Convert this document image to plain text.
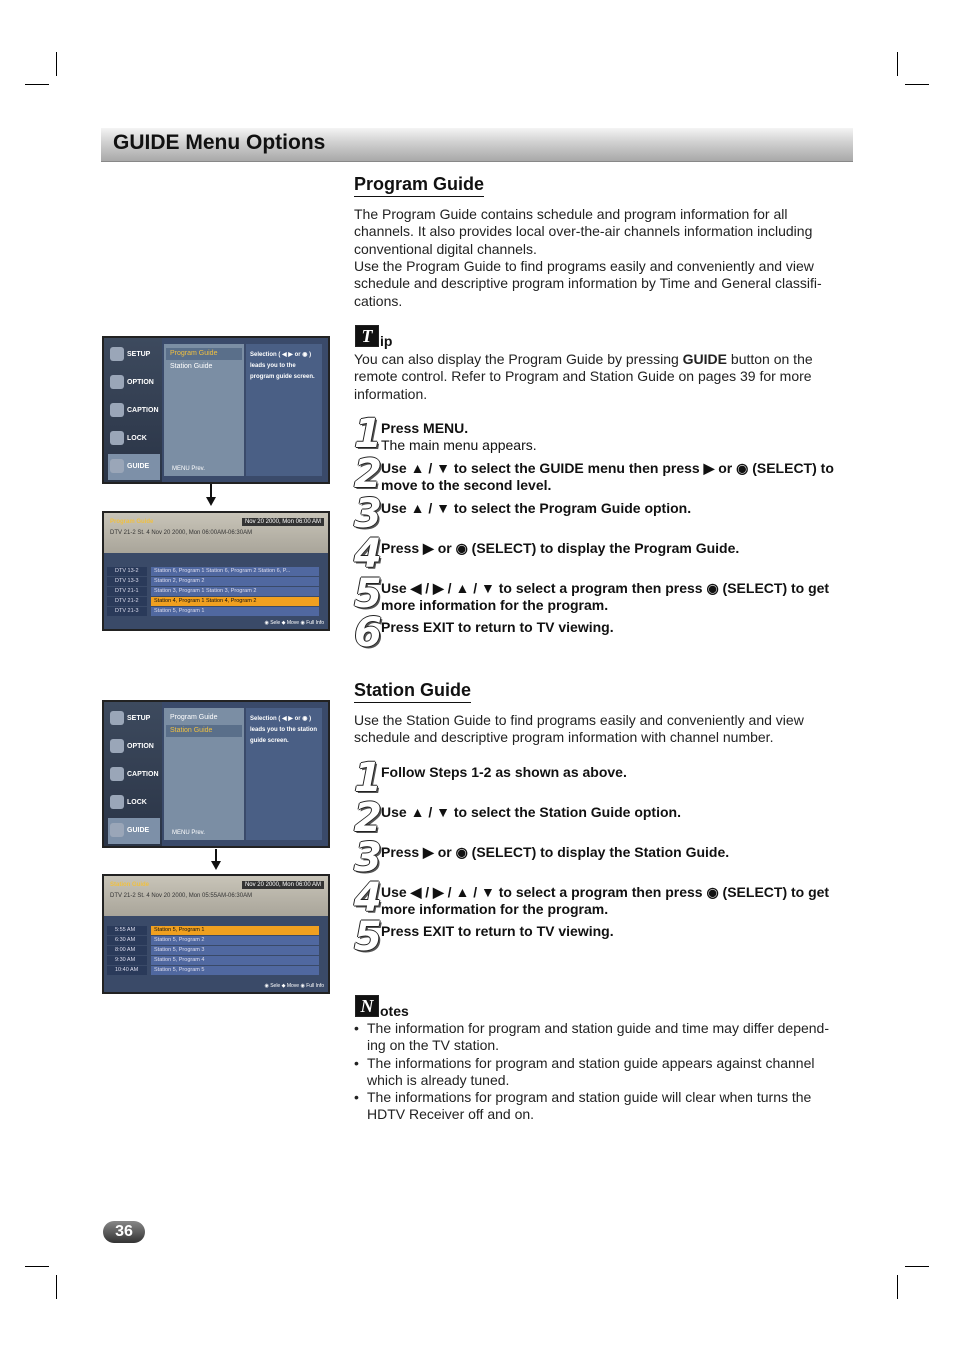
GUIDE Menu Options
Program Guide

The Program Guide contains schedule and program information for all channels. It also provides local over-the-air channels information including conventional digital channels.

Use the Program Guide to find programs easily and conveniently and view schedule and descriptive program information by Time and General classifi- cations.

T ip

You can also display the Program Guide by pressing GUIDE button on the remote control. Refer to Program and Station Guide on pages 39 for more information.

1 Press MENU.
The main menu appears.
2 Use ▲ / ▼ to select the GUIDE menu then press ▶ or ◉ (SELECT) to move to the second level.
3 Use ▲ / ▼ to select the Program Guide option.
4 Press ▶ or ◉ (SELECT) to display the Program Guide.
5 Use ◀ / ▶ / ▲ / ▼ to select a program then press ◉ (SELECT) to get more information for the program.
6 Press EXIT to return to TV viewing.
Station Guide

Use the Station Guide to find programs easily and conveniently and view schedule and descriptive program information with channel number.

1 Follow Steps 1-2 as shown as above.
2 Use ▲ / ▼ to select the Station Guide option.
3 Press ▶ or ◉ (SELECT) to display the Station Guide.
4 Use ◀ / ▶ / ▲ / ▼ to select a program then press ◉ (SELECT) to get more information for the program.
5 Press EXIT to return to TV viewing.
N otes
• The information for program and station guide and time may differ depend- ing on the TV station.
• The informations for program and station guide appears against channel which is already tuned.
• The informations for program and station guide will clear when turns the HDTV Receiver off and on.
SETUP
OPTION
CAPTION
LOCK
GUIDE
Program Guide
Station Guide
MENU Prev.
Selection ( ◀ ▶ or ◉ ) leads you to the program guide screen.
Program Guide
DTV 21-2 St. 4 Nov 20 2000, Mon 06:00AM-06:30AM
Nov 20 2000, Mon 06:00 AM
DTV 13-2	Station 6, Program 1 Station 6, Program 2 Station 6, P...
DTV 13-3	Station 2, Program 2
DTV 21-1	Station 3, Program 1 Station 3, Program 2
DTV 21-2	Station 4, Program 1 Station 4, Program 2
DTV 21-3	Station 5, Program 1
◉ Sele ◆ Move ◉ Full Info
SETUP
OPTION
CAPTION
LOCK
GUIDE
Program Guide
Station Guide
MENU Prev.
Selection ( ◀ ▶ or ◉ ) leads you to the station guide screen.
Station Guide
DTV 21-2 St. 4 Nov 20 2000, Mon 05:55AM-06:30AM
Nov 20 2000, Mon 06:00 AM
5:55 AM	Station 5, Program 1
6:30 AM	Station 5, Program 2
8:00 AM	Station 5, Program 3
9:30 AM	Station 5, Program 4
10:40 AM	Station 5, Program 5
◉ Sele ◆ Move ◉ Full Info
36
